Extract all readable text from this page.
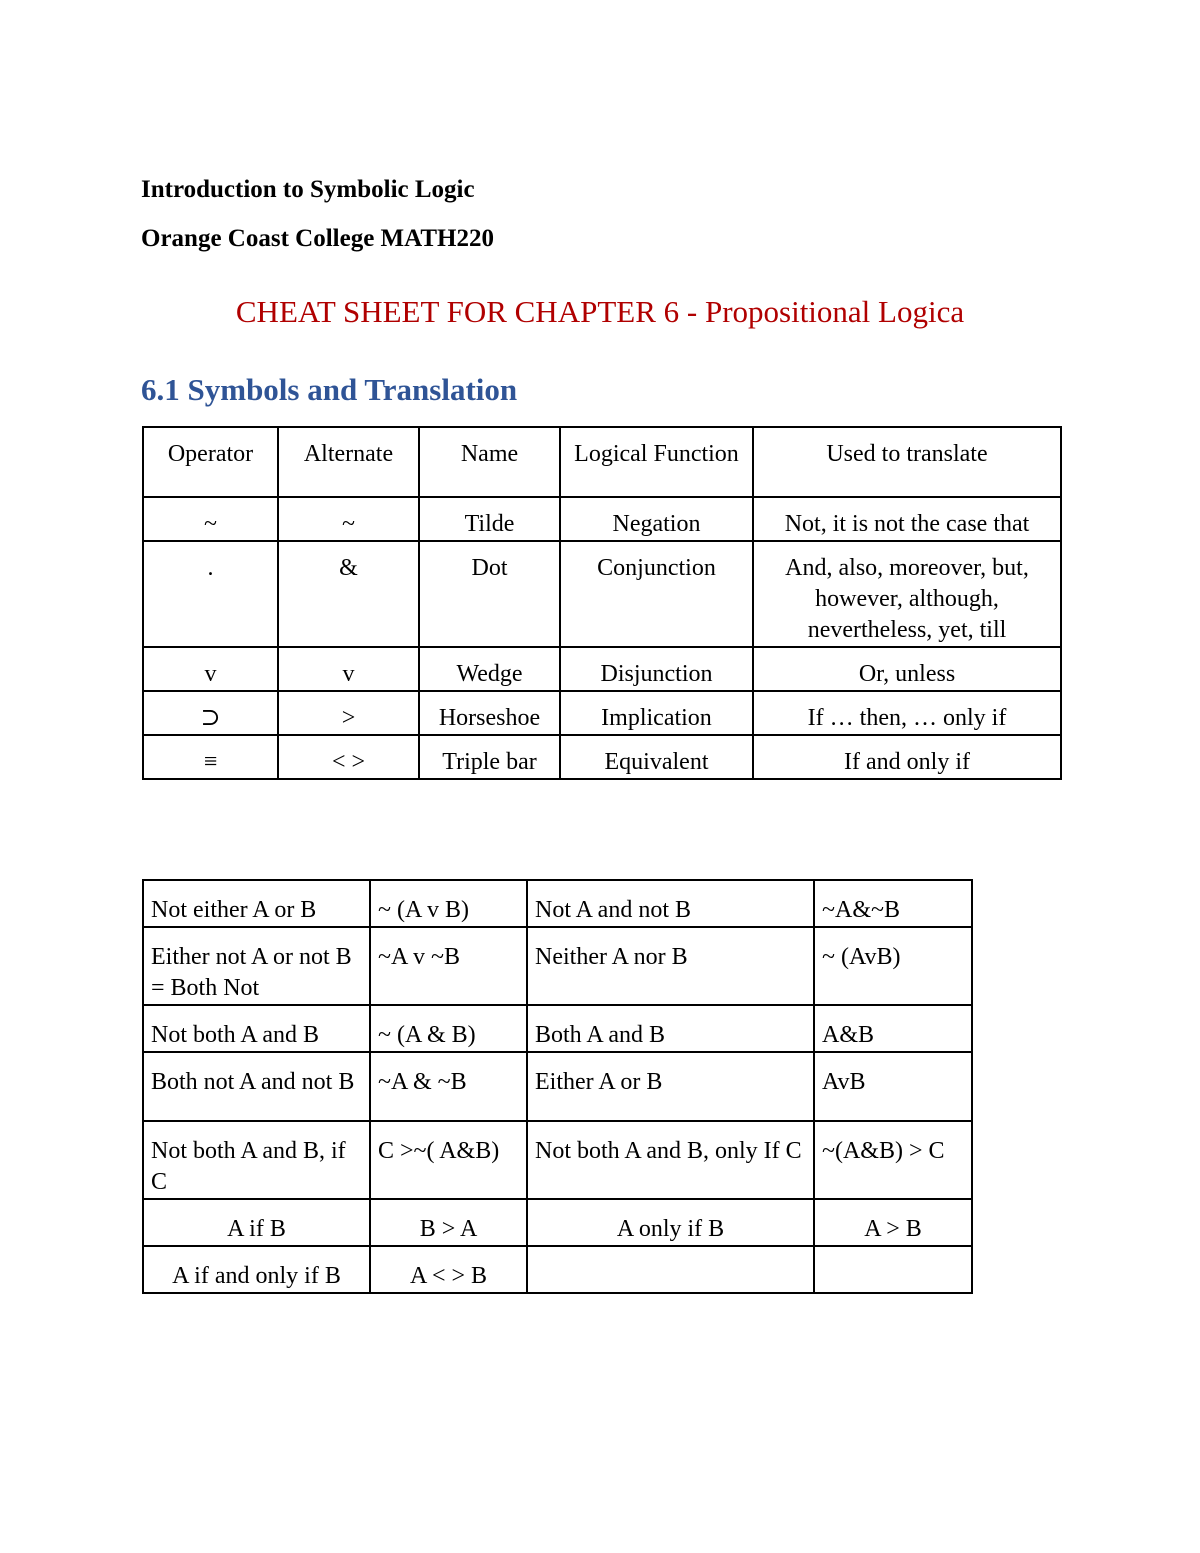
Introduction to Symbolic Logic
Orange Coast College MATH220
CHEAT SHEET FOR CHAPTER 6 - Propositional Logica
6.1 Symbols and Translation
Operator	Alternate	Name	Logical Function	Used to translate
~	~	Tilde	Negation	Not, it is not the case that
.	&	Dot	Conjunction	And, also, moreover, but, however, although, nevertheless, yet, till
v	v	Wedge	Disjunction	Or, unless
⊃	>	Horseshoe	Implication	If … then, … only if
≡	< >	Triple bar	Equivalent	If and only if
Not either A or B	~ (A v B)	Not A and not B	~A&~B
Either not A or not B = Both Not	~A v ~B	Neither A nor B	~ (AvB)
Not both A and B	~ (A & B)	Both A and B	A&B
Both not A and not B	~A & ~B	Either A or B	AvB
Not both A and B, if C	C >~( A&B)	Not both A and B, only If C	~(A&B) > C
A if B	B > A	A only if B	A > B
A if and only if B	A < > B		
